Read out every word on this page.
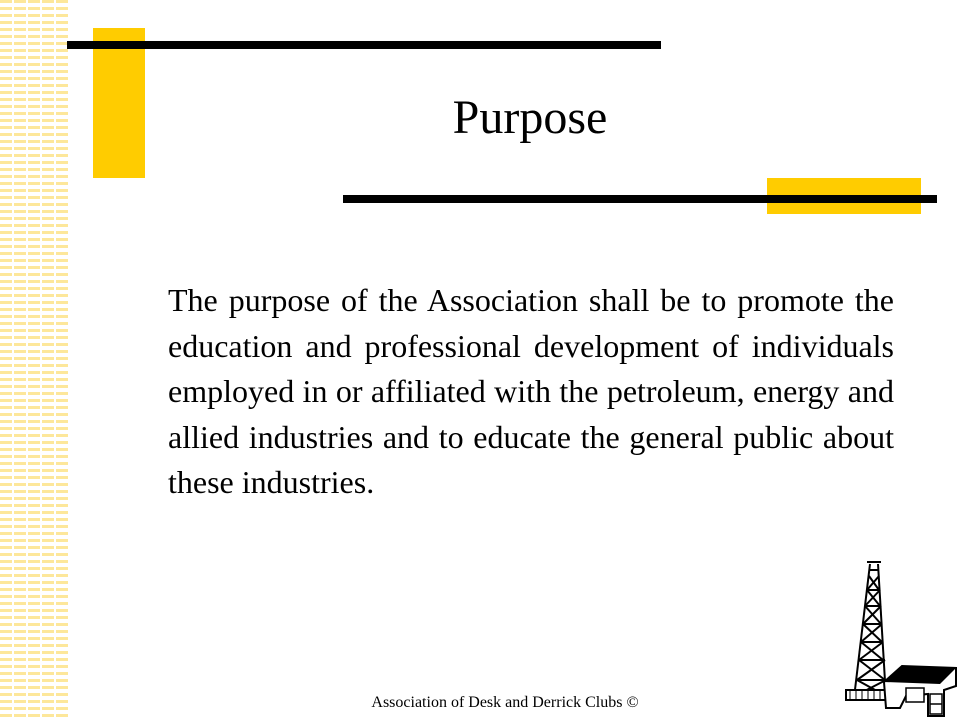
Purpose
The purpose of the Association shall be to promote the education and professional development of individuals employed in or affiliated with the petroleum, energy and allied industries and to educate the general public about these industries.
Association of Desk and Derrick Clubs ©
